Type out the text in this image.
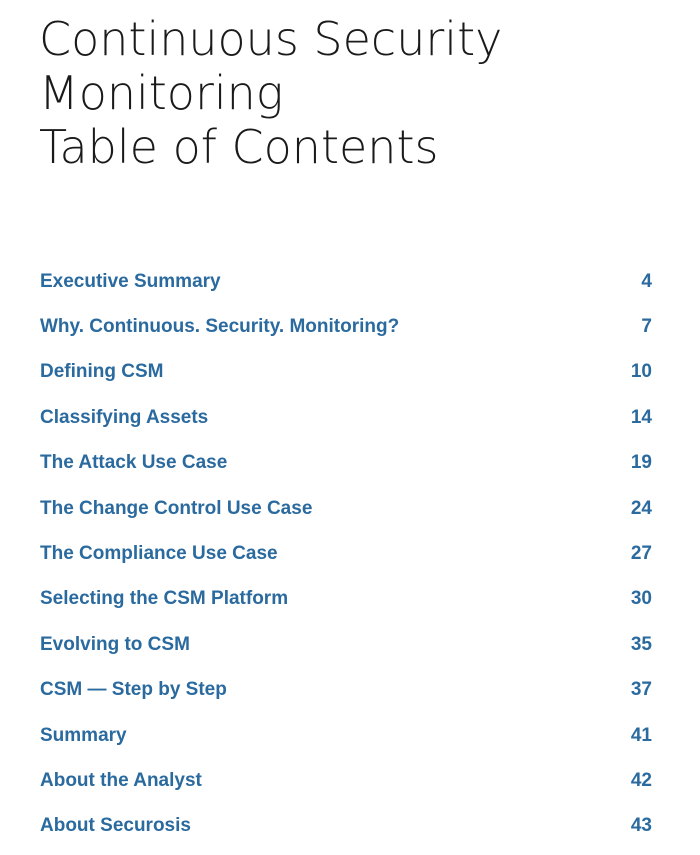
Continuous Security
Monitoring
Table of Contents
Executive Summary	4
Why. Continuous. Security. Monitoring?	7
Defining CSM	10
Classifying Assets	14
The Attack Use Case	19
The Change Control Use Case	24
The Compliance Use Case	27
Selecting the CSM Platform	30
Evolving to CSM	35
CSM — Step by Step	37
Summary	41
About the Analyst	42
About Securosis	43
